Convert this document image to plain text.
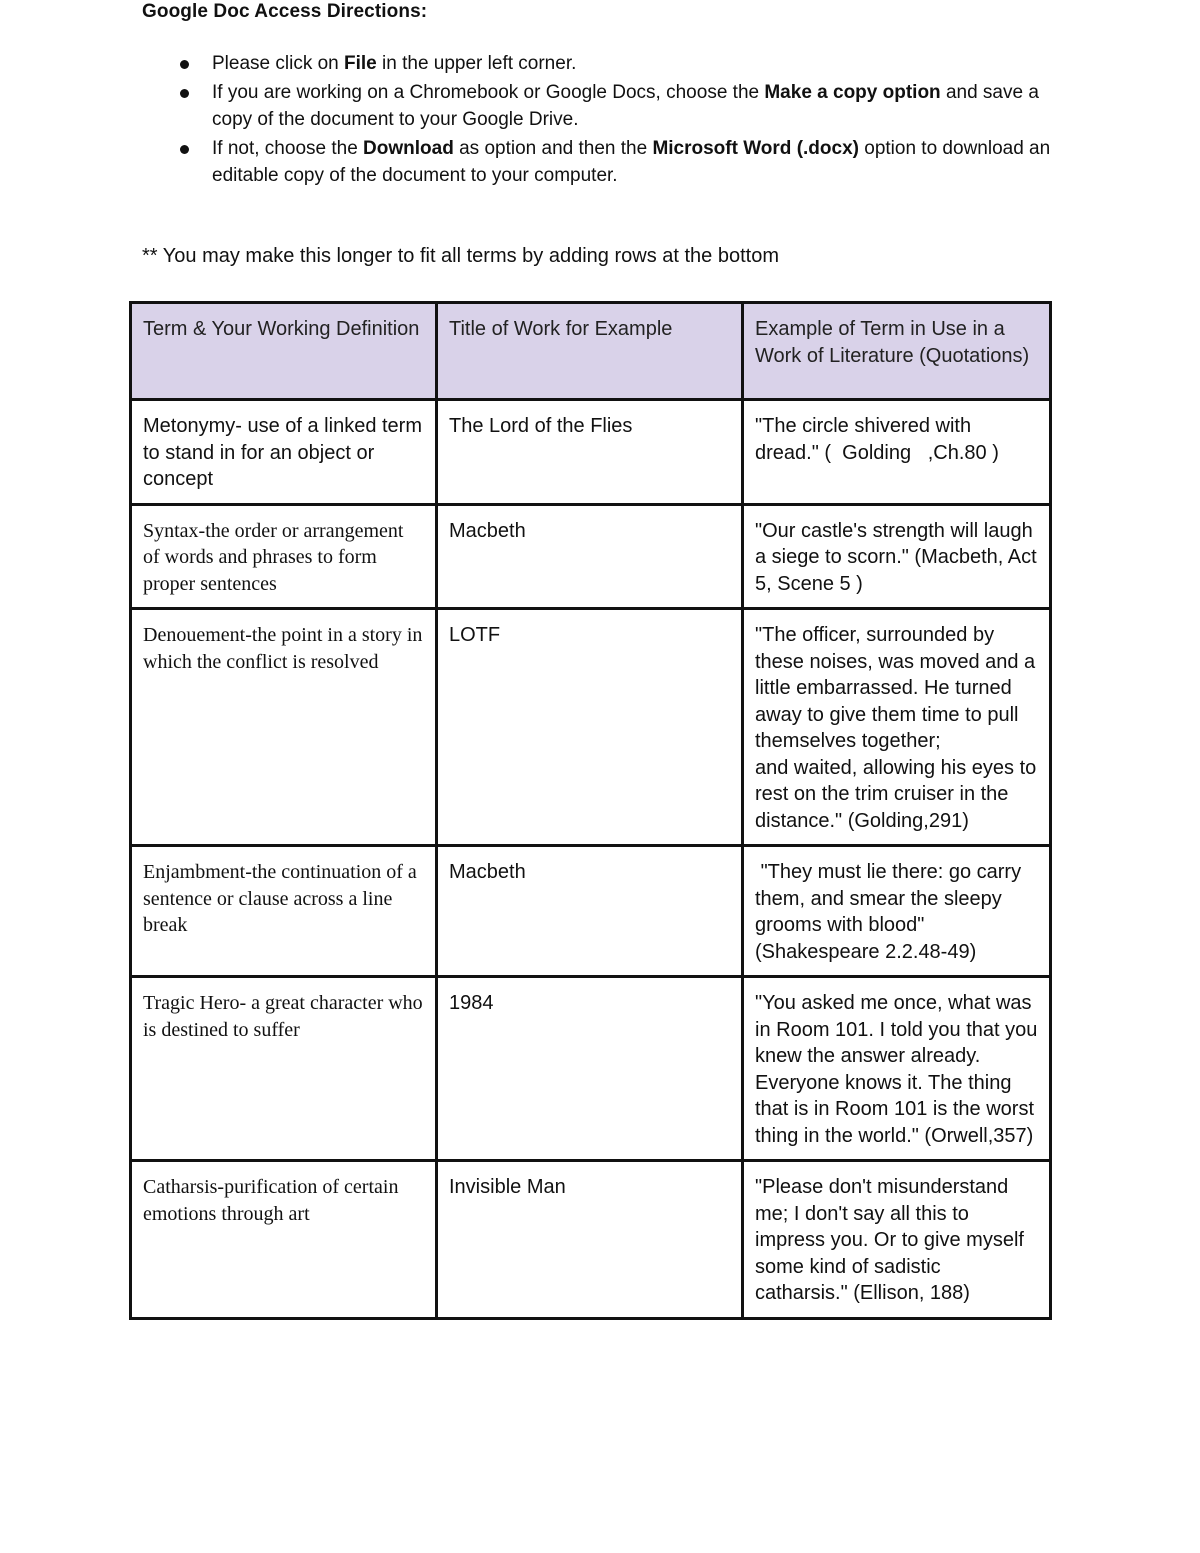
Google Doc Access Directions:
Please click on File in the upper left corner.
If you are working on a Chromebook or Google Docs, choose the Make a copy option and save a copy of the document to your Google Drive.
If not, choose the Download as option and then the Microsoft Word (.docx) option to download an editable copy of the document to your computer.
** You may make this longer to fit all terms by adding rows at the bottom
Term & Your Working Definition	Title of Work for Example	Example of Term in Use in a Work of Literature (Quotations)
Metonymy- use of a linked term to stand in for an object or concept	The Lord of the Flies	"The circle shivered with dread." (  Golding   ,Ch.80 )
Syntax-the order or arrangement of words and phrases to form proper sentences	Macbeth	"Our castle's strength will laugh a siege to scorn." (Macbeth, Act 5, Scene 5 )
Denouement-the point in a story in which the conflict is resolved	LOTF	"The officer, surrounded by these noises, was moved and a little embarrassed. He turned away to give them time to pull themselves together;
and waited, allowing his eyes to rest on the trim cruiser in the distance." (Golding,291)
Enjambment-the continuation of a sentence or clause across a line break	Macbeth	"They must lie there: go carry them, and smear the sleepy grooms with blood" (Shakespeare 2.2.48-49)
Tragic Hero- a great character who is destined to suffer	1984	"You asked me once, what was in Room 101. I told you that you knew the answer already. Everyone knows it. The thing that is in Room 101 is the worst thing in the world." (Orwell,357)
Catharsis-purification of certain emotions through art	Invisible Man	"Please don't misunderstand me; I don't say all this to impress you. Or to give myself some kind of sadistic catharsis." (Ellison, 188)
